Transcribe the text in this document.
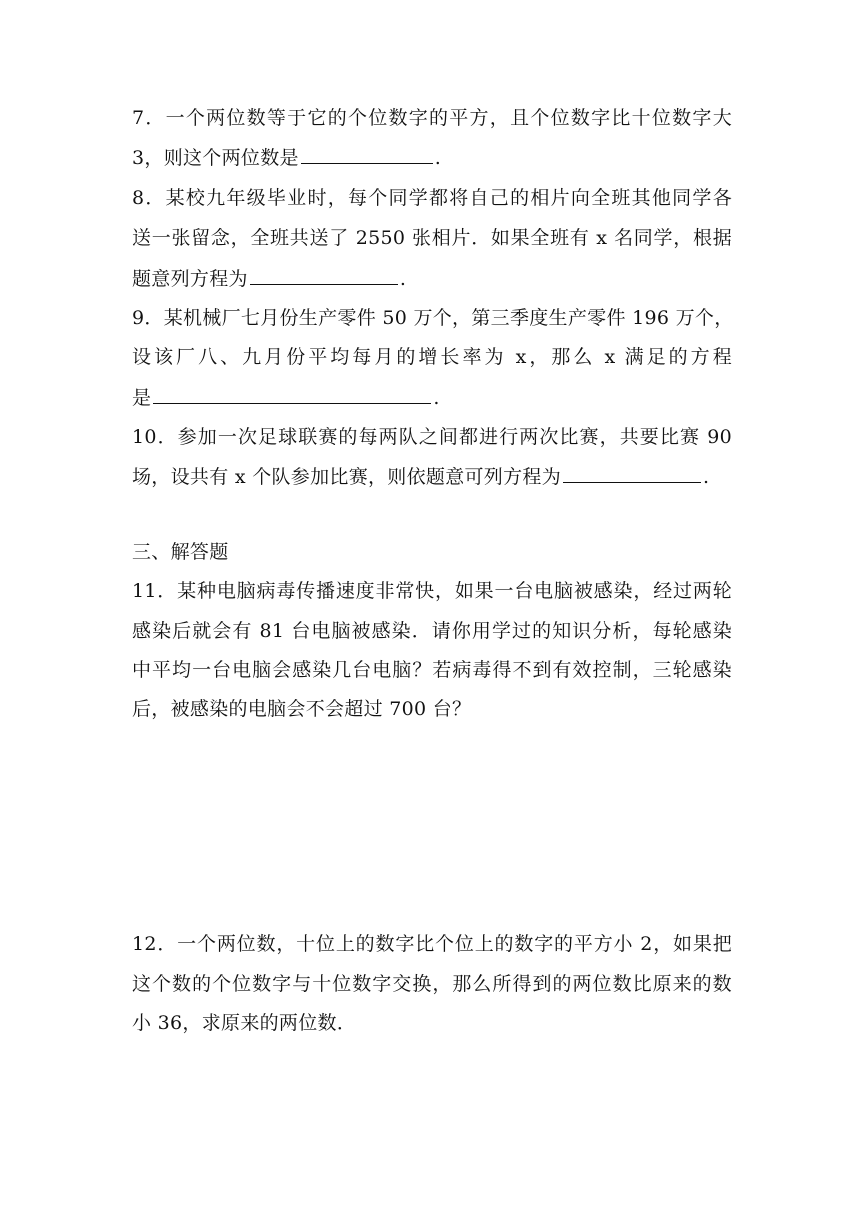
7．一个两位数等于它的个位数字的平方，且个位数字比十位数字大
3，则这个两位数是	.
8．某校九年级毕业时，每个同学都将自己的相片向全班其他同学各
送一张留念，全班共送了 2550 张相片．如果全班有 x 名同学，根据
题意列方程为	.
9．某机械厂七月份生产零件 50 万个，第三季度生产零件 196 万个，
设该厂八、九月份平均每月的增长率为 x，那么 x 满足的方程
是	.
10．参加一次足球联赛的每两队之间都进行两次比赛，共要比赛 90
场，设共有 x 个队参加比赛，则依题意可列方程为	.
三、解答题
11．某种电脑病毒传播速度非常快，如果一台电脑被感染，经过两轮
感染后就会有 81 台电脑被感染．请你用学过的知识分析，每轮感染
中平均一台电脑会感染几台电脑？若病毒得不到有效控制，三轮感染
后，被感染的电脑会不会超过 700 台？
12．一个两位数，十位上的数字比个位上的数字的平方小 2，如果把
这个数的个位数字与十位数字交换，那么所得到的两位数比原来的数
小 36，求原来的两位数．
